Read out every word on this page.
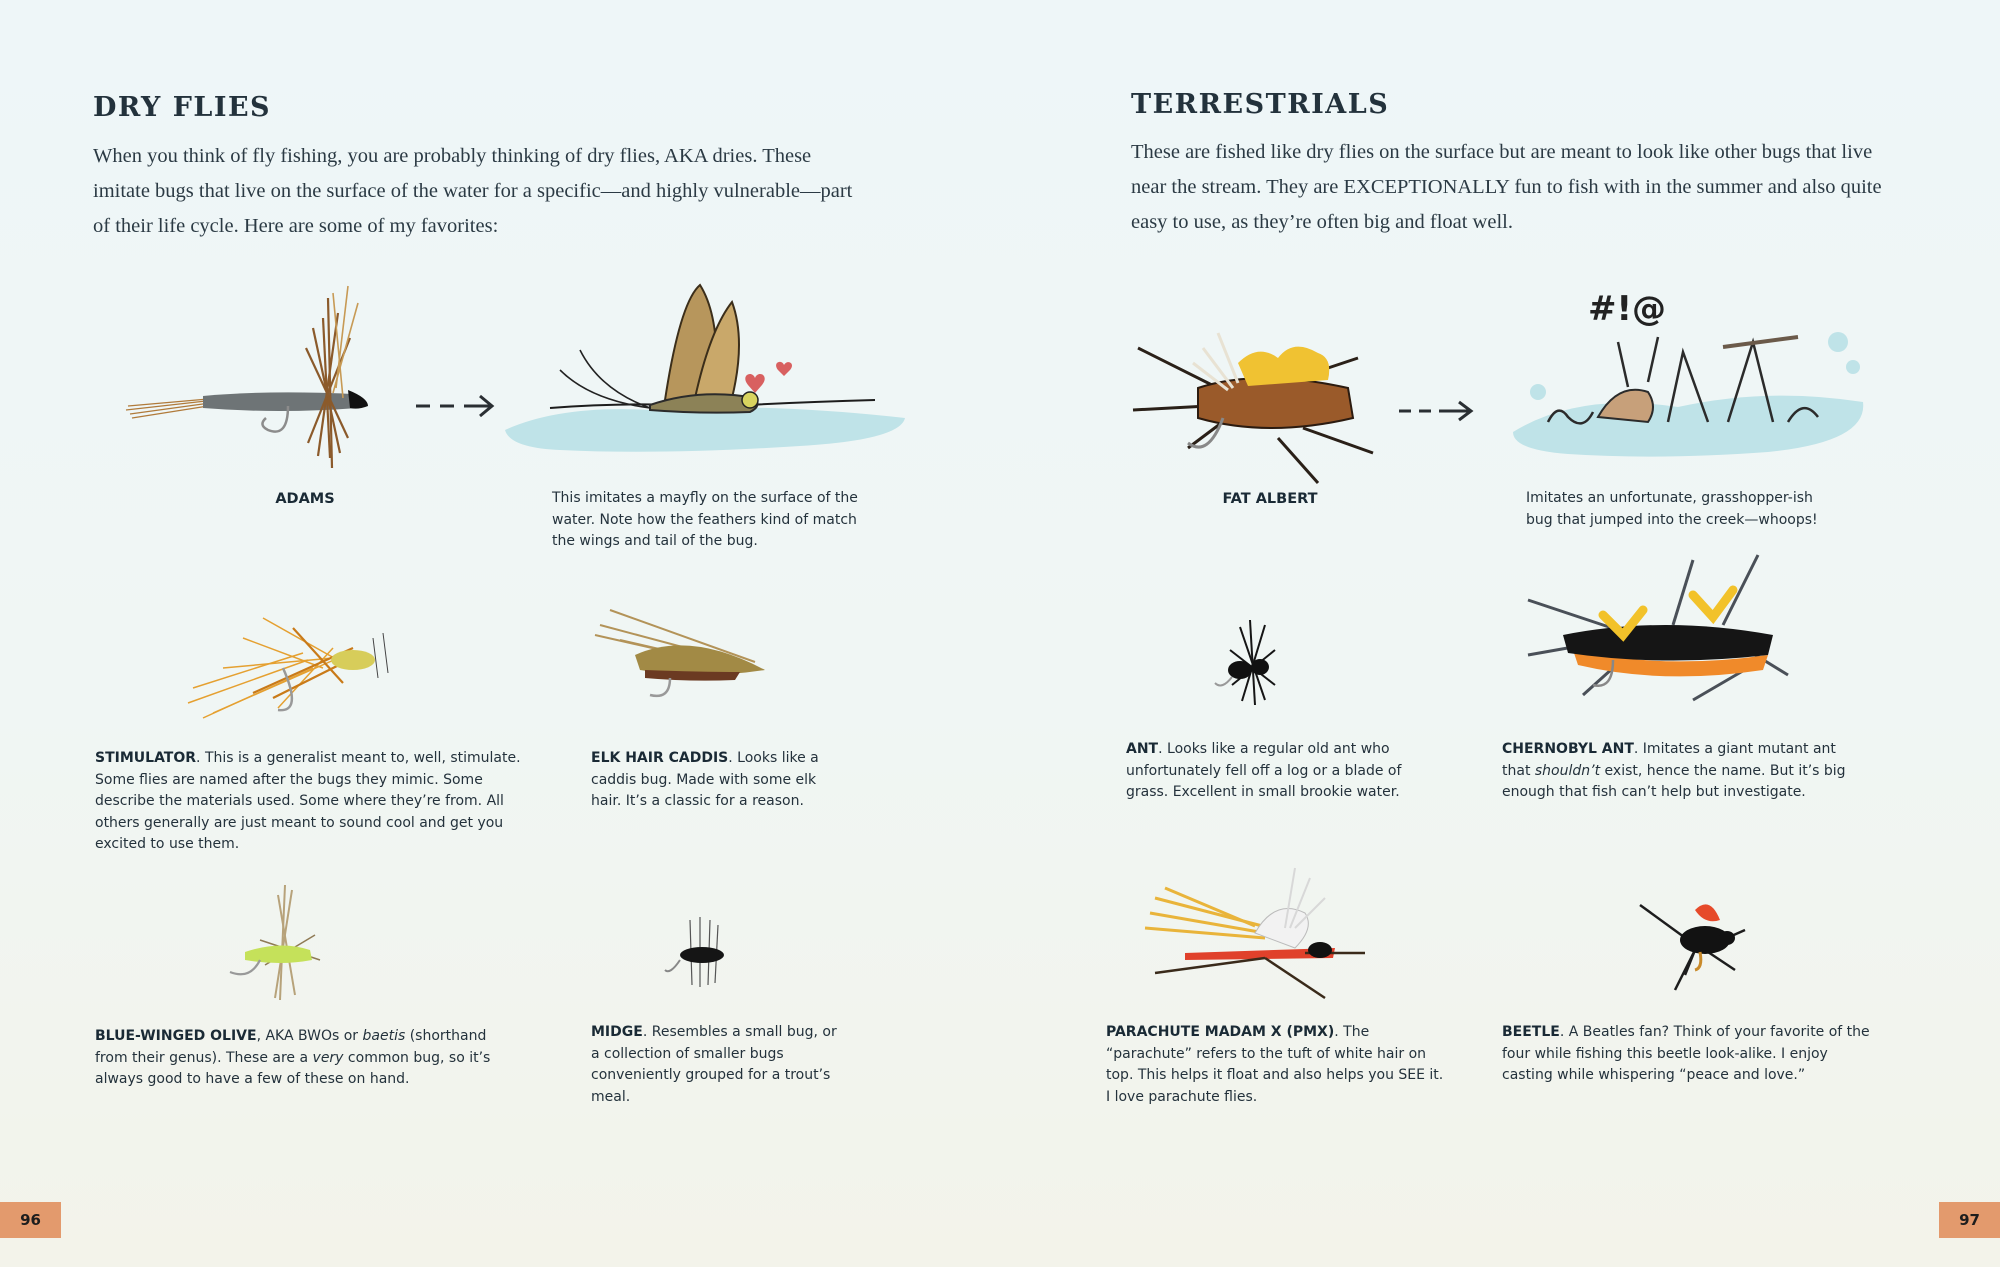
DRY FLIES

When you think of fly fishing, you are probably thinking of dry flies, AKA dries. These imitate bugs that live on the surface of the water for a specific—and highly vulnerable—part of their life cycle. Here are some of my favorites:

ADAMS	This imitates a mayfly on the surface of the water. Note how the feathers kind of match the wings and tail of the bug.

STIMULATOR. This is a generalist meant to, well, stimulate. Some flies are named after the bugs they mimic. Some describe the materials used. Some where they’re from. All others generally are just meant to sound cool and get you excited to use them.

ELK HAIR CADDIS. Looks like a caddis bug. Made with some elk hair. It’s a classic for a reason.

BLUE-WINGED OLIVE, AKA BWOs or baetis (shorthand from their genus). These are a very common bug, so it’s always good to have a few of these on hand.

MIDGE. Resembles a small bug, or a collection of smaller bugs conveniently grouped for a trout’s meal.

96
TERRESTRIALS

These are fished like dry flies on the surface but are meant to look like other bugs that live near the stream. They are EXCEPTIONALLY fun to fish with in the summer and also quite easy to use, as they’re often big and float well.

FAT ALBERT

#!@

Imitates an unfortunate, grasshopper-ish bug that jumped into the creek—whoops!

ANT. Looks like a regular old ant who unfortunately fell off a log or a blade of grass. Excellent in small brookie water.

CHERNOBYL ANT. Imitates a giant mutant ant that shouldn’t exist, hence the name. But it’s big enough that fish can’t help but investigate.

PARACHUTE MADAM X (PMX). The “parachute” refers to the tuft of white hair on top. This helps it float and also helps you SEE it. I love parachute flies.

BEETLE. A Beatles fan? Think of your favorite of the four while fishing this beetle look-alike. I enjoy casting while whispering “peace and love.”

97
